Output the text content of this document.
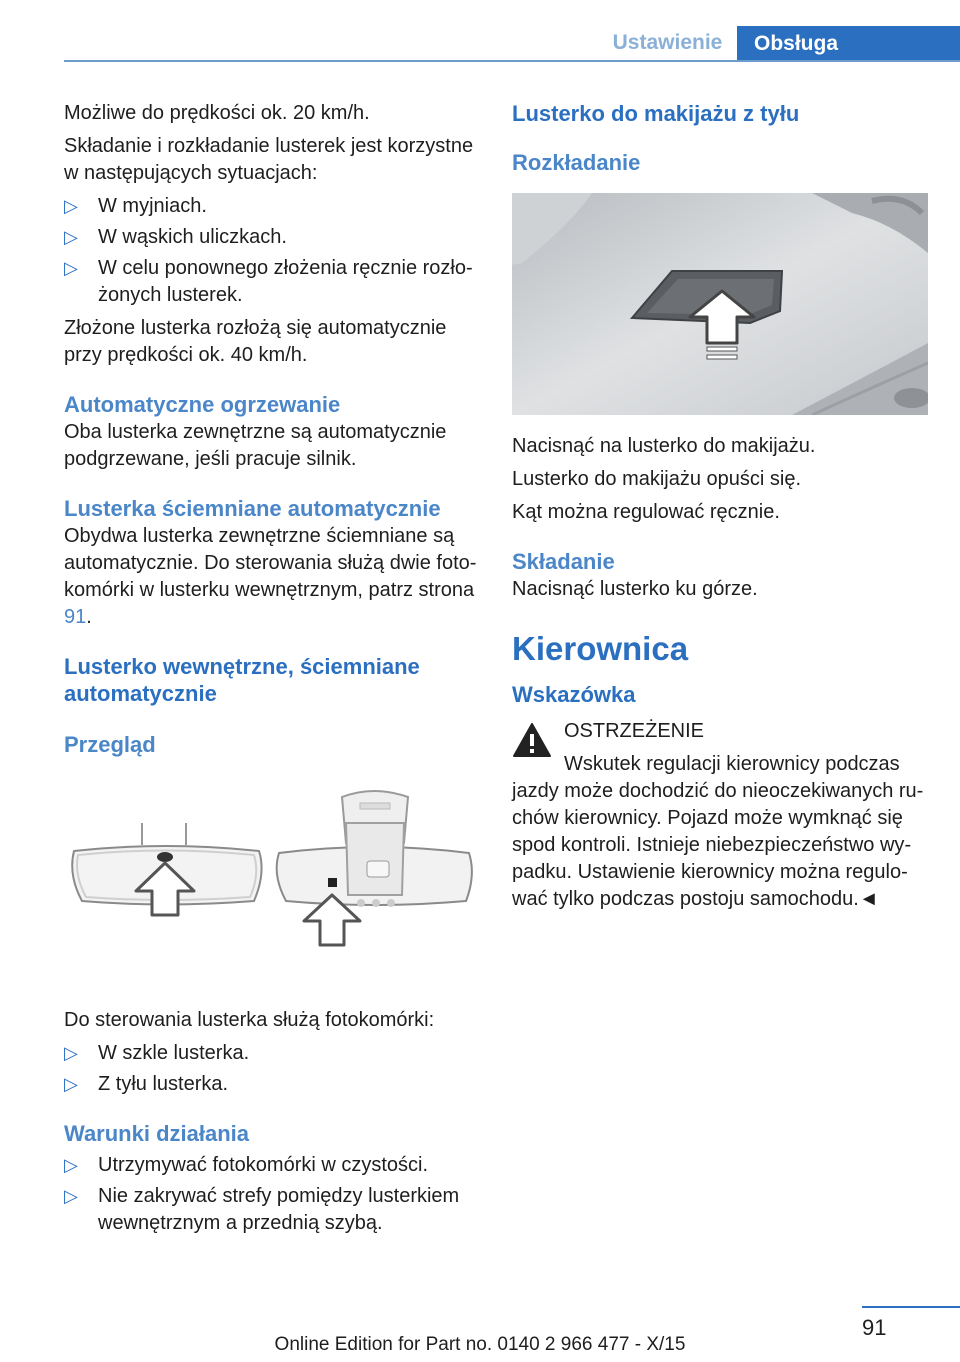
Ustawienie	Obsługa

Możliwe do prędkości ok. 20 km/h.

Składanie i rozkładanie lusterek jest korzystne w następujących sytuacjach:

▷ W myjniach.
▷ W wąskich uliczkach.
▷ W celu ponownego złożenia ręcznie rozłożonych lusterek.

Złożone lusterka rozłożą się automatycznie przy prędkości ok. 40 km/h.

Automatyczne ogrzewanie

Oba lusterka zewnętrzne są automatycznie podgrzewane, jeśli pracuje silnik.

Lusterka ściemniane automatycznie

Obydwa lusterka zewnętrzne ściemniane są automatycznie. Do sterowania służą dwie fotokomórki w lusterku wewnętrznym, patrz strona 91.

Lusterko wewnętrzne, ściemniane automatycznie
Przegląd

Do sterowania lusterka służą fotokomórki:

▷ W szkle lusterka.
▷ Z tyłu lusterka.
Warunki działania
▷ Utrzymywać fotokomórki w czystości.
▷ Nie zakrywać strefy pomiędzy lusterkiem wewnętrznym a przednią szybą.
Lusterko do makijażu z tyłu
Rozkładanie

Nacisnąć na lusterko do makijażu.

Lusterko do makijażu opuści się.

Kąt można regulować ręcznie.

Składanie

Nacisnąć lusterko ku górze.

Kierownica
Wskazówka
OSTRZEŻENIE
Wskutek regulacji kierownicy podczas

jazdy może dochodzić do nieoczekiwanych ruchów kierownicy. Pojazd może wymknąć się spod kontroli. Istnieje niebezpieczeństwo wypadku. Ustawienie kierownicy można regulować tylko podczas postoju samochodu.◄

91
Online Edition for Part no. 0140 2 966 477 - X/15
